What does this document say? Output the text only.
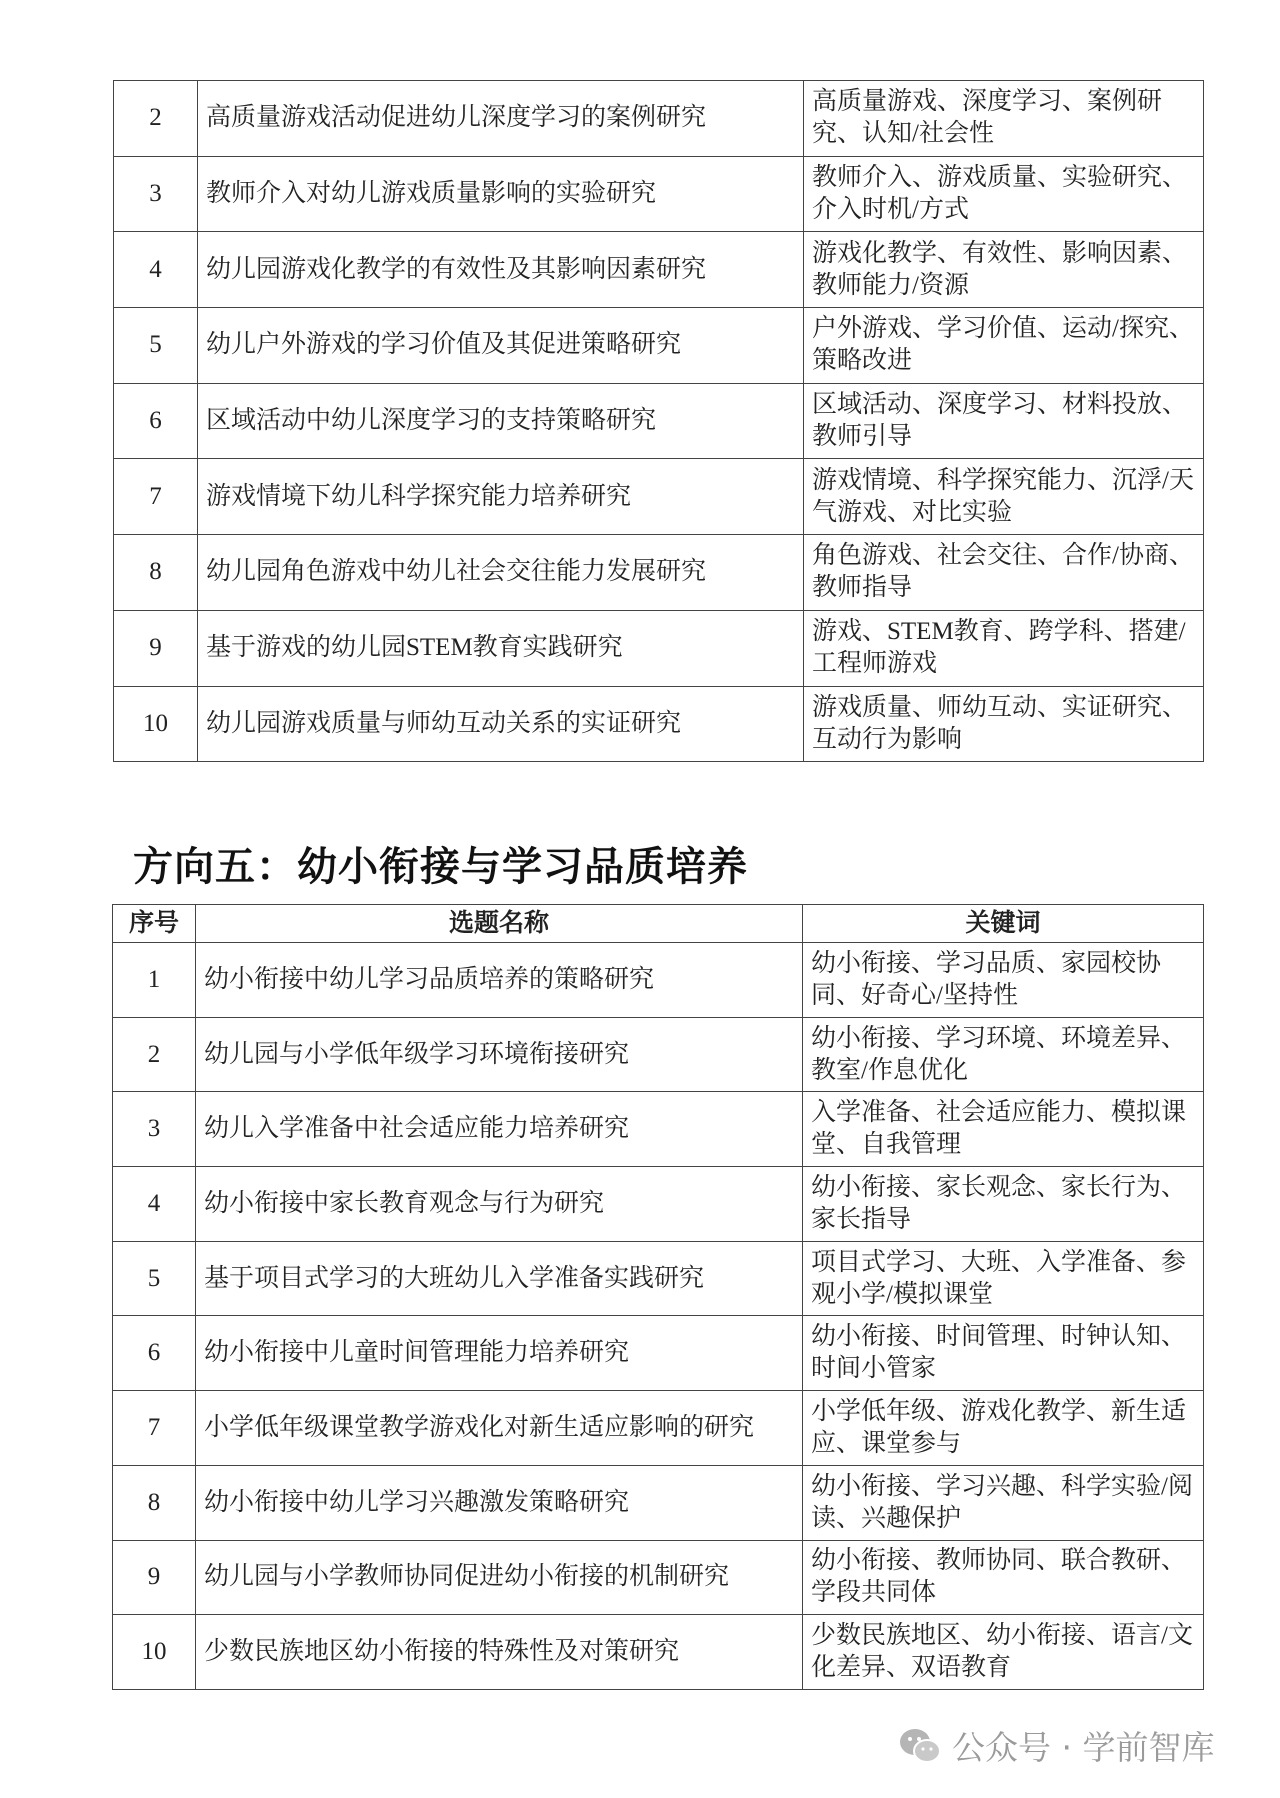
2	高质量游戏活动促进幼儿深度学习的案例研究	高质量游戏、深度学习、案例研究、认知/社会性
3	教师介入对幼儿游戏质量影响的实验研究	教师介入、游戏质量、实验研究、介入时机/方式
4	幼儿园游戏化教学的有效性及其影响因素研究	游戏化教学、有效性、影响因素、教师能力/资源
5	幼儿户外游戏的学习价值及其促进策略研究	户外游戏、学习价值、运动/探究、策略改进
6	区域活动中幼儿深度学习的支持策略研究	区域活动、深度学习、材料投放、教师引导
7	游戏情境下幼儿科学探究能力培养研究	游戏情境、科学探究能力、沉浮/天气游戏、对比实验
8	幼儿园角色游戏中幼儿社会交往能力发展研究	角色游戏、社会交往、合作/协商、教师指导
9	基于游戏的幼儿园STEM教育实践研究	游戏、STEM教育、跨学科、搭建/工程师游戏
10	幼儿园游戏质量与师幼互动关系的实证研究	游戏质量、师幼互动、实证研究、互动行为影响
方向五：幼小衔接与学习品质培养
序号	选题名称	关键词
1	幼小衔接中幼儿学习品质培养的策略研究	幼小衔接、学习品质、家园校协同、好奇心/坚持性
2	幼儿园与小学低年级学习环境衔接研究	幼小衔接、学习环境、环境差异、教室/作息优化
3	幼儿入学准备中社会适应能力培养研究	入学准备、社会适应能力、模拟课堂、自我管理
4	幼小衔接中家长教育观念与行为研究	幼小衔接、家长观念、家长行为、家长指导
5	基于项目式学习的大班幼儿入学准备实践研究	项目式学习、大班、入学准备、参观小学/模拟课堂
6	幼小衔接中儿童时间管理能力培养研究	幼小衔接、时间管理、时钟认知、时间小管家
7	小学低年级课堂教学游戏化对新生适应影响的研究	小学低年级、游戏化教学、新生适应、课堂参与
8	幼小衔接中幼儿学习兴趣激发策略研究	幼小衔接、学习兴趣、科学实验/阅读、兴趣保护
9	幼儿园与小学教师协同促进幼小衔接的机制研究	幼小衔接、教师协同、联合教研、学段共同体
10	少数民族地区幼小衔接的特殊性及对策研究	少数民族地区、幼小衔接、语言/文化差异、双语教育
公众号 · 学前智库
